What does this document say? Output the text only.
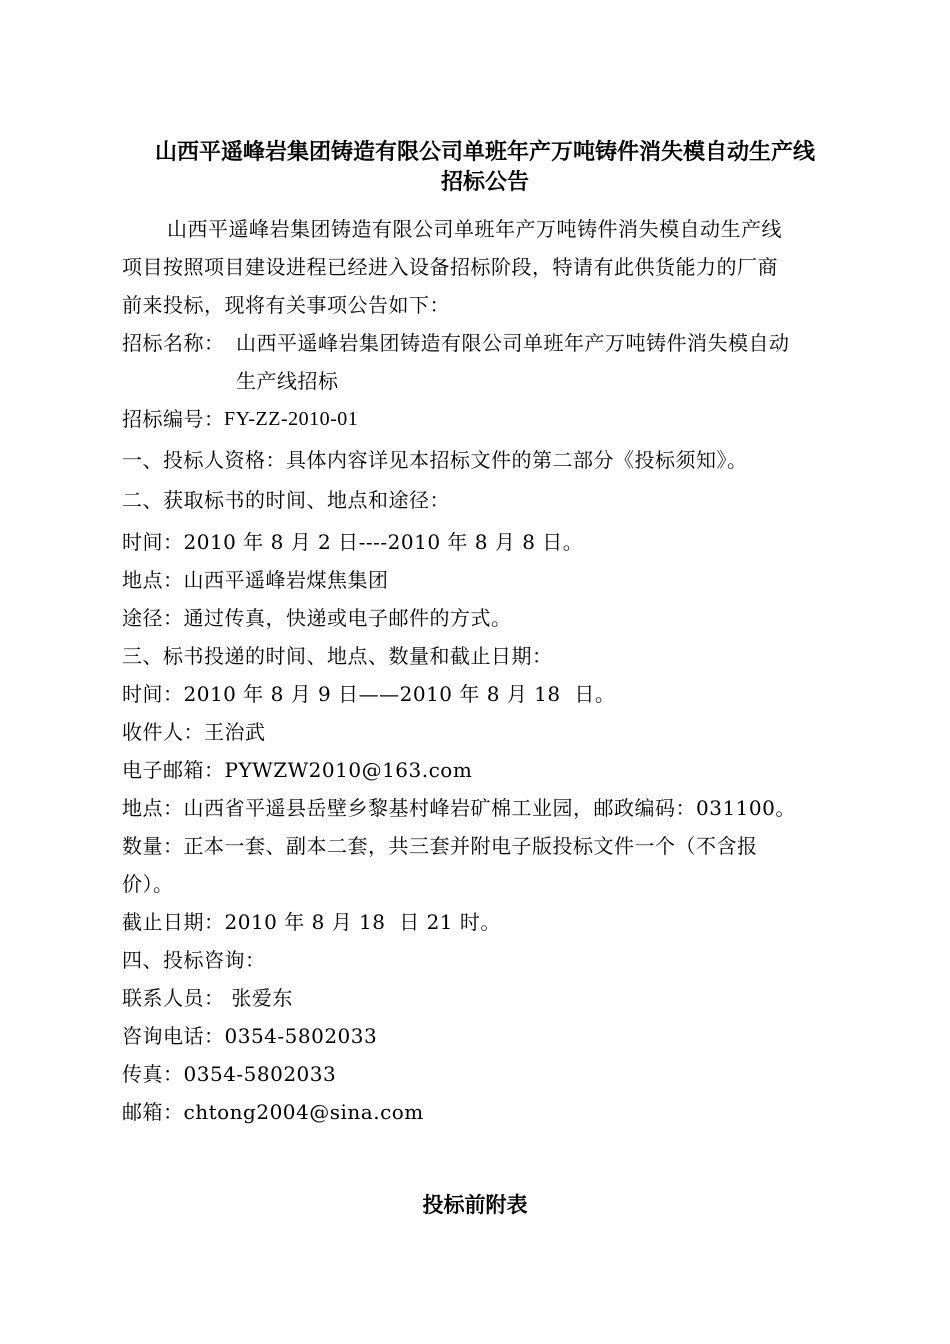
山西平遥峰岩集团铸造有限公司单班年产万吨铸件消失模自动生产线
招标公告
山西平遥峰岩集团铸造有限公司单班年产万吨铸件消失模自动生产线
项目按照项目建设进程已经进入设备招标阶段，特请有此供货能力的厂商
前来投标，现将有关事项公告如下：
招标名称： 山西平遥峰岩集团铸造有限公司单班年产万吨铸件消失模自动
生产线招标
招标编号： FY-ZZ-2010-01
一、投标人资格：具体内容详见本招标文件的第二部分《投标须知》。
二、获取标书的时间、地点和途径：
时间：2010 年 8 月 2 日----2010 年 8 月 8 日。
地点：山西平遥峰岩煤焦集团
途径：通过传真，快递或电子邮件的方式。
三、标书投递的时间、地点、数量和截止日期：
时间：2010 年 8 月 9 日——2010 年 8 月 18  日。
收件人：王治武
电子邮箱：PYWZW2010@163.com
地点：山西省平遥县岳壁乡黎基村峰岩矿棉工业园，邮政编码：031100。
数量：正本一套、副本二套，共三套并附电子版投标文件一个（不含报
价）。
截止日期：2010 年 8 月 18  日 21 时。
四、投标咨询：
联系人员： 张爱东
咨询电话：0354-5802033
传真：0354-5802033
邮箱：chtong2004@sina.com
投标前附表
